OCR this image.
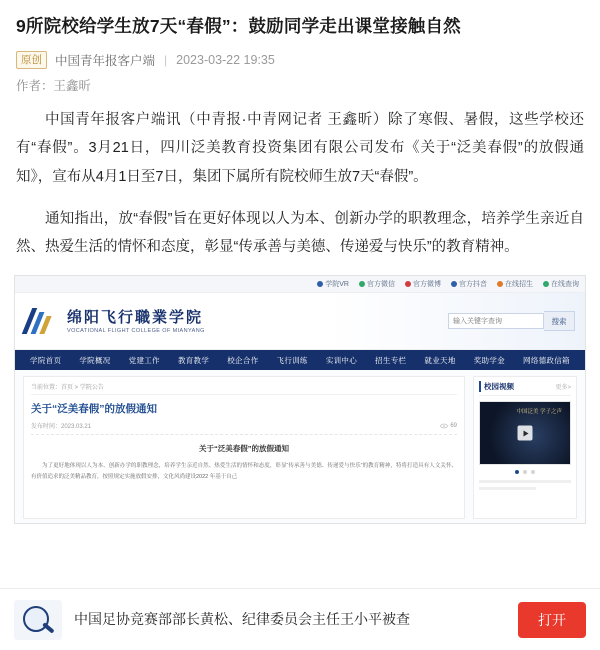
9所院校给学生放7天“春假”：鼓励同学走出课堂接触自然
原创	中国青年报客户端 | 2023-03-22 19:35
作者：王鑫昕

中国青年报客户端讯（中青报·中青网记者 王鑫昕）除了寒假、暑假，这些学校还有“春假”。3月21日，四川泛美教育投资集团有限公司发布《关于“泛美春假”的放假通知》，宣布从4月1日至7日，集团下属所有院校师生放7天“春假”。

通知指出，放“春假”旨在更好体现以人为本、创新办学的职教理念，培养学生亲近自然、热爱生活的情怀和态度，彰显“传承善与美德、传递爱与快乐”的教育精神。

学院VR	官方微信	官方微博	官方抖音	在线招生	在线查询
绵阳飞行職業学院
VOCATIONAL FLIGHT COLLEGE OF MIANYANG
输入关键字查询
搜索
学院首页 学院概况 党建工作 教育教学 校企合作 飞行训练 实训中心 招生专栏 就业天地 奖助学金 网络德政信箱
当前位置：首页 > 学院公告
关于“泛美春假”的放假通知
发布时间：2023.03.21	69
关于“泛美春假”的放假通知
为了更好地体现以人为本、创新办学的职教理念，培养学生亲近自然、热爱生活的情怀和态度，彰显“传承善与美德、传递爱与快乐”的教育精神，特将打造具有人文关怀、有价值追求的泛美精品教育，按照规定实施放假安排，文化风尚建设2022 年基于自己
校园视频	更多>
中国泛美 学子之声
中国足协竞赛部部长黄松、纪律委员会主任王小平被查	打开
